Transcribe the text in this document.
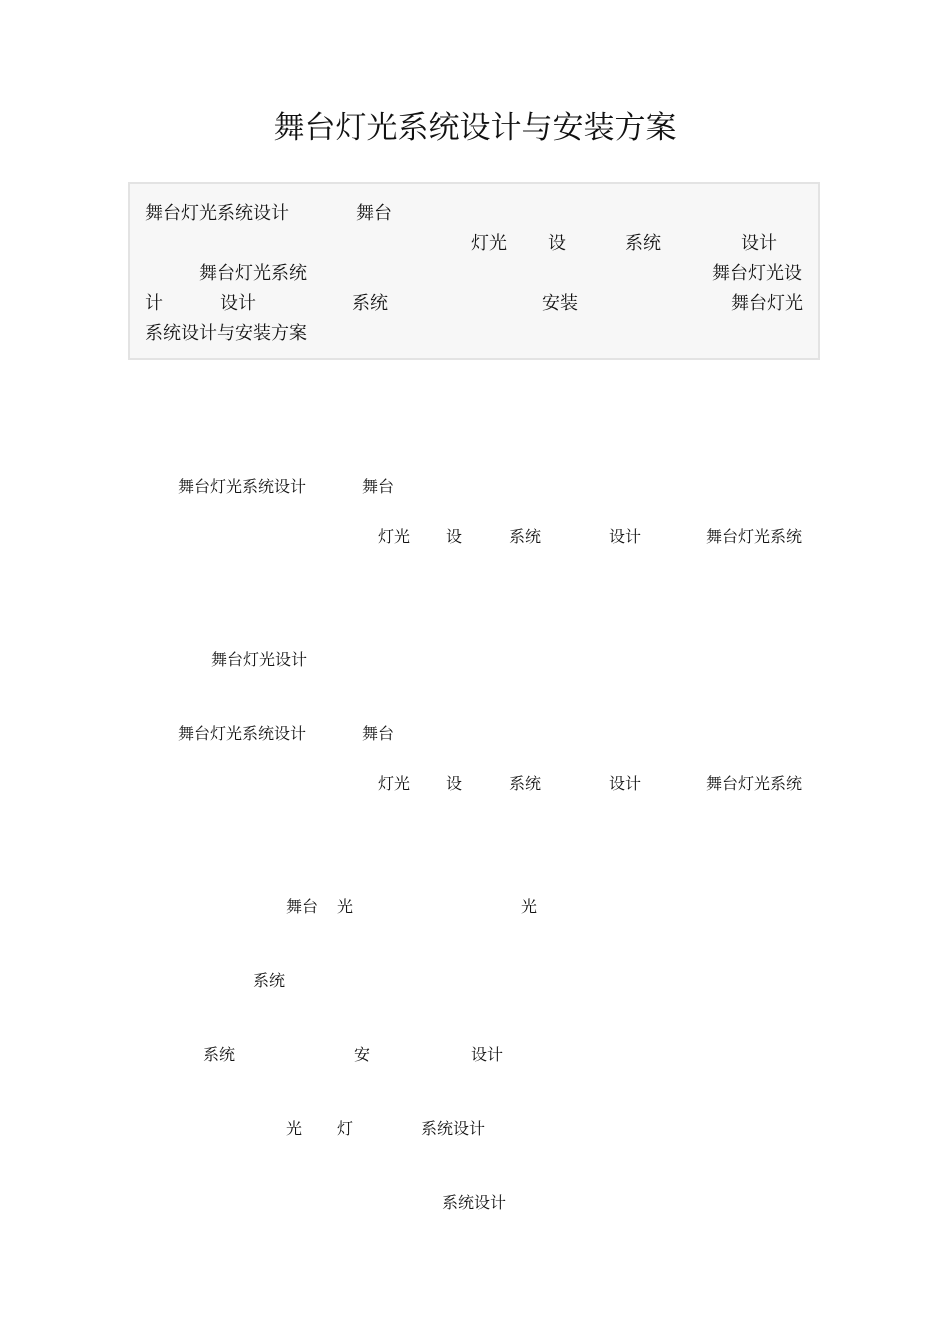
舞台灯光系统设计与安装方案
舞台灯光系统设计	舞台
灯光 设	系统	设计
舞台灯光系统	舞台灯光设
计	设计	系统	安装	舞台灯光
系统设计与安装方案
舞台灯光系统设计	舞台
灯光 设	系统	设计	舞台灯光系统
舞台灯光设计
舞台灯光系统设计	舞台
灯光 设	系统	设计	舞台灯光系统
舞台 光	光
系统
系统	安	设计
光 灯	系统设计
系统设计
